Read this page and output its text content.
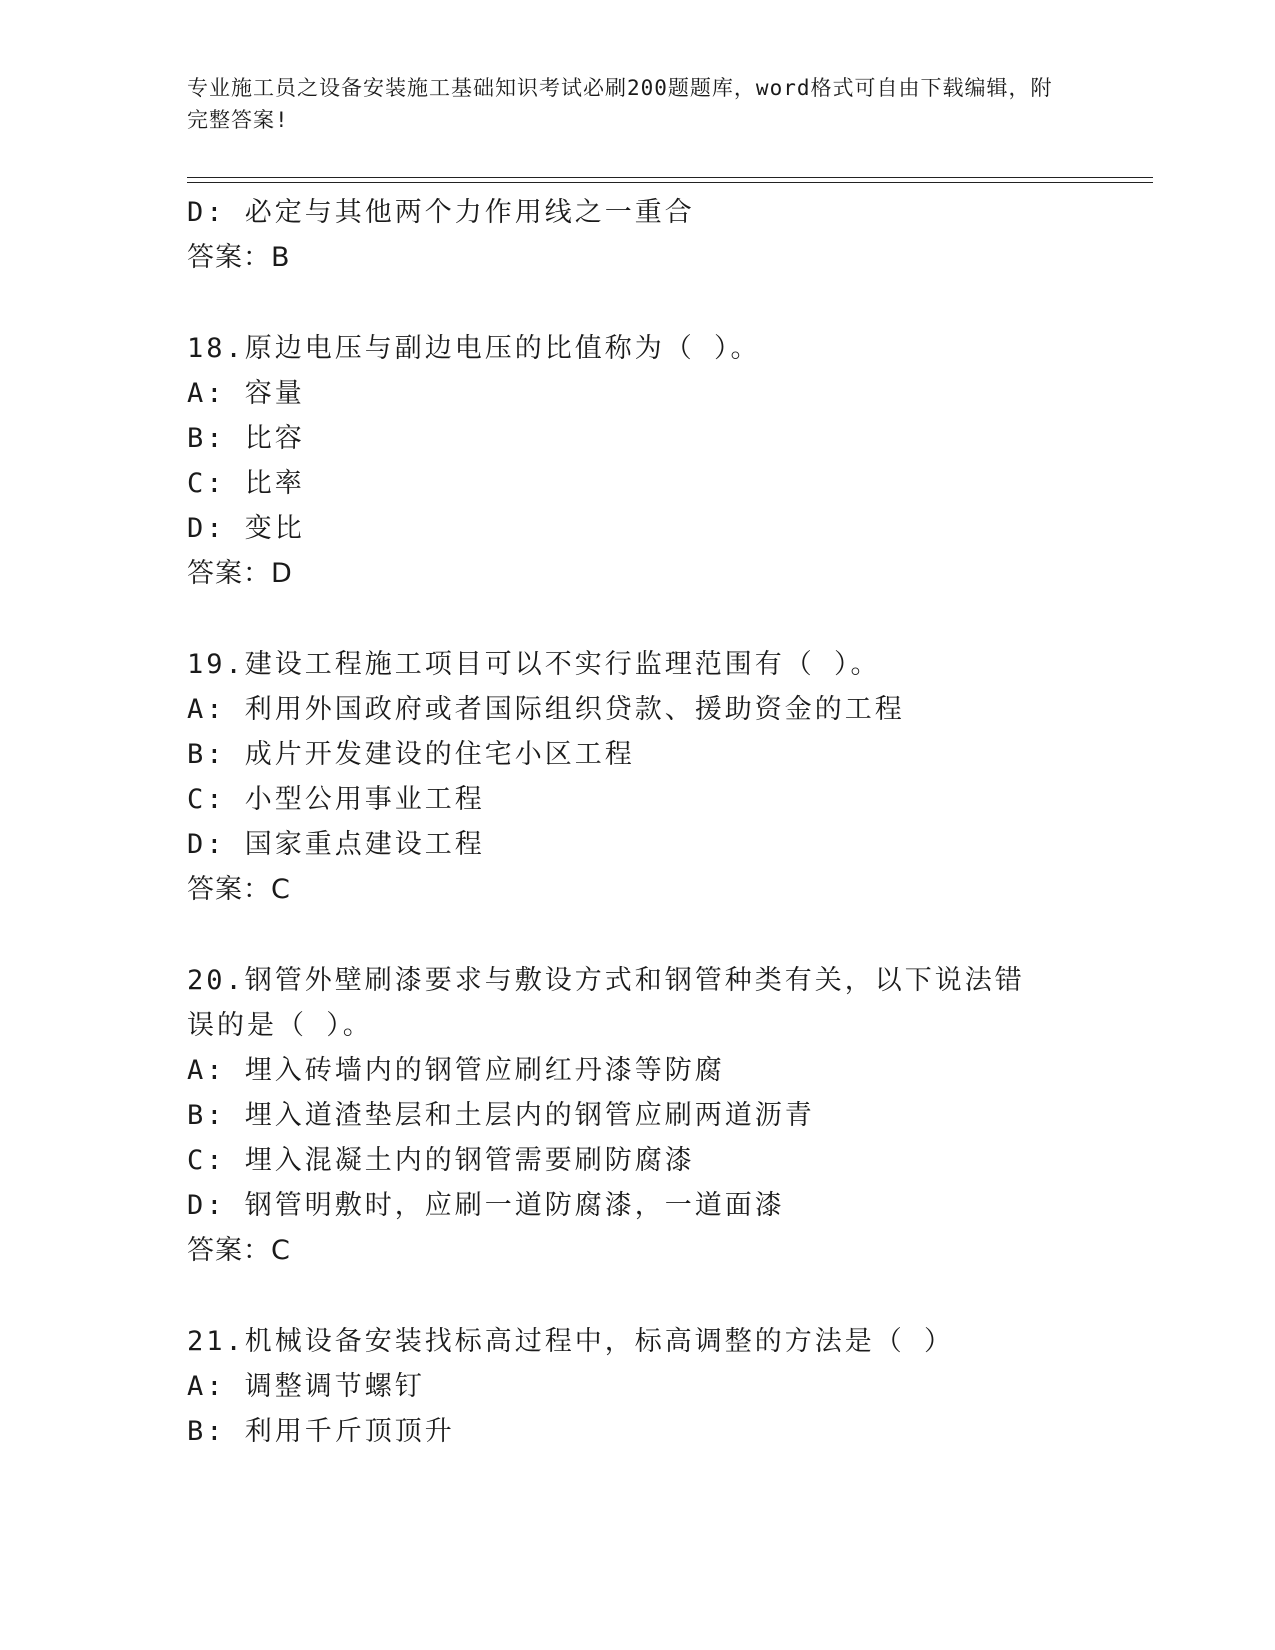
专业施工员之设备安装施工基础知识考试必刷200题题库，word格式可自由下载编辑，附完整答案!
D: 必定与其他两个力作用线之一重合
答案：B
18.原边电压与副边电压的比值称为（ ）。
A: 容量
B: 比容
C: 比率
D: 变比
答案：D
19.建设工程施工项目可以不实行监理范围有（ ）。
A: 利用外国政府或者国际组织贷款、援助资金的工程
B: 成片开发建设的住宅小区工程
C: 小型公用事业工程
D: 国家重点建设工程
答案：C
20.钢管外壁刷漆要求与敷设方式和钢管种类有关，以下说法错误的是（ ）。
A: 埋入砖墙内的钢管应刷红丹漆等防腐
B: 埋入道渣垫层和土层内的钢管应刷两道沥青
C: 埋入混凝土内的钢管需要刷防腐漆
D: 钢管明敷时，应刷一道防腐漆，一道面漆
答案：C
21.机械设备安装找标高过程中，标高调整的方法是（ ）
A: 调整调节螺钉
B: 利用千斤顶顶升
